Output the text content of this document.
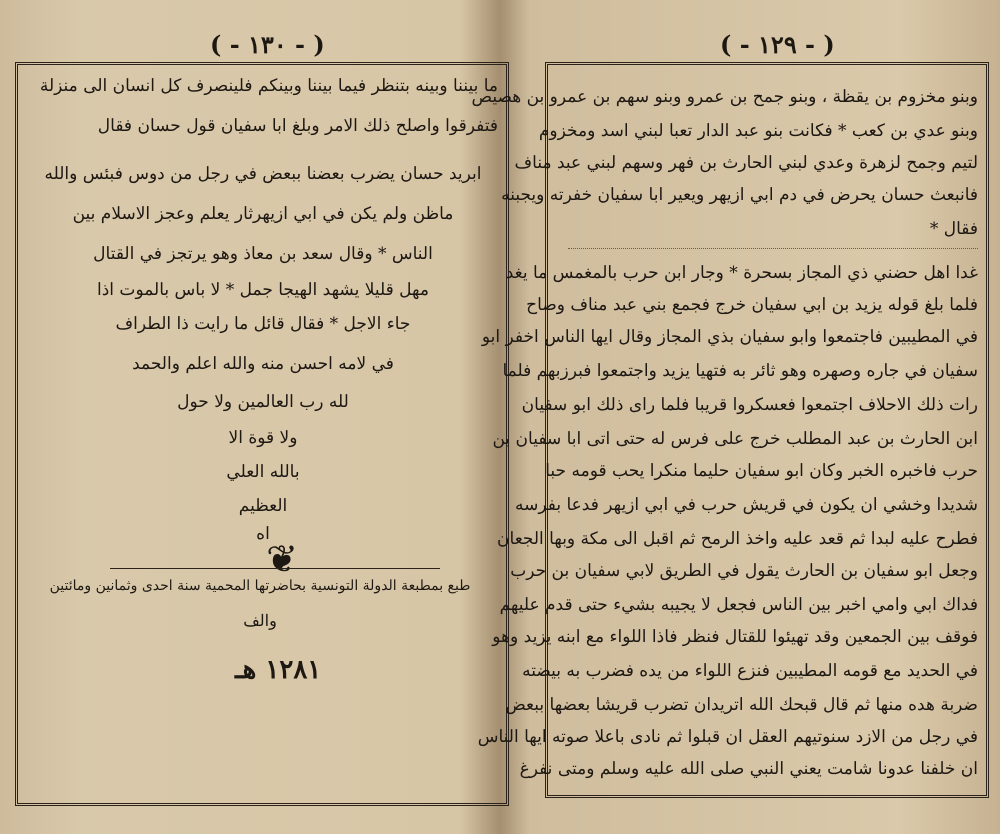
( - ١٣٠ - )
ما بيننا وبينه بتنظر فيما بيننا وبينكم فلينصرف كل انسان الى منزلة
فتفرقوا واصلح ذلك الامر وبلغ ابا سفيان قول حسان فقال
ابريد حسان يضرب بعضنا ببعض في رجل من دوس فبئس والله
ماظن ولم يكن في ابي ازيهرثار يعلم وعجز الاسلام بين
الناس * وقال سعد بن معاذ وهو يرتجز في القتال
مهل قليلا يشهد الهيجا جمل * لا باس بالموت اذا
جاء الاجل * فقال قائل ما رايت ذا الطراف
في لامه احسن منه والله اعلم والحمد
لله رب العالمين ولا حول
ولا قوة الا
بالله العلي
العظيم
اه
❦
طبع بمطبعة الدولة التونسية بحاضرتها المحمية سنة احدى وثمانين ومائتين
والف
١٢٨١ هـ
( - ١٢٩ - )
وبنو مخزوم بن يقظة ، وبنو جمح بن عمرو وبنو سهم بن عمرو بن هصيص
وبنو عدي بن كعب * فكانت بنو عبد الدار تعبا لبني اسد ومخزوم
لتيم وجمح لزهرة وعدي لبني الحارث بن فهر وسهم لبني عبد مناف
فانبعث حسان يحرض في دم ابي ازيهر ويعير ابا سفيان خفرته ويجبنه
فقال *
غدا اهل حضني ذي المجاز بسحرة * وجار ابن حرب بالمغمس ما يغد
فلما بلغ قوله يزيد بن ابي سفيان خرج فجمع بني عبد مناف وصاح
في المطيبين فاجتمعوا وابو سفيان بذي المجاز وقال ايها الناس اخفر ابو
سفيان في جاره وصهره وهو ثائر به فتهيا يزيد واجتمعوا فبرزبهم فلما
رات ذلك الاحلاف اجتمعوا فعسكروا قريبا فلما راى ذلك ابو سفيان
ابن الحارث بن عبد المطلب خرج على فرس له حتى اتى ابا سفيان بن
حرب فاخبره الخبر وكان ابو سفيان حليما منكرا يحب قومه حبا
شديدا وخشي ان يكون في قريش حرب في ابي ازيهر فدعا بفرسه
فطرح عليه لبدا ثم قعد عليه واخذ الرمح ثم اقبل الى مكة وبها الجعان
وجعل ابو سفيان بن الحارث يقول في الطريق لابي سفيان بن حرب
فداك ابي وامي اخبر بين الناس فجعل لا يجيبه بشيء حتى قدم عليهم
فوقف بين الجمعين وقد تهيئوا للقتال فنظر فاذا اللواء مع ابنه يزيد وهو
في الحديد مع قومه المطيبين فنزع اللواء من يده فضرب به بيضته
ضربة هده منها ثم قال قبحك الله اتريدان تضرب قريشا بعضها ببعض
في رجل من الازد سنوتيهم العقل ان قبلوا ثم نادى باعلا صوته ايها الناس
ان خلفنا عدونا شامت يعني النبي صلى الله عليه وسلم ومتى نفرغ
